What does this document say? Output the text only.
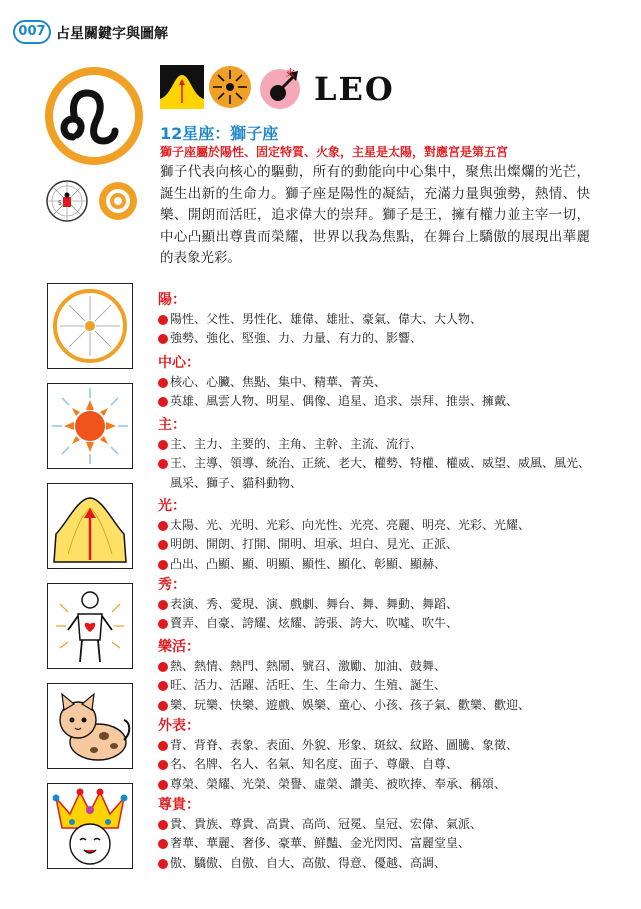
007 占星關鍵字與圖解
5
火 LEO
12星座：獅子座
獅子座屬於陽性、固定特質、火象，主星是太陽，對應宮是第五宮
獅子代表向核心的驅動，所有的動能向中心集中，聚焦出燦爛的光芒，誕生出新的生命力。獅子座是陽性的凝結，充滿力量與強勢，熱情、快樂、開朗而活旺，追求偉大的崇拜。獅子是王，擁有權力並主宰一切，中心凸顯出尊貴而榮耀，世界以我為焦點，在舞台上驕傲的展現出華麗的表象光彩。
陽：
陽性、父性、男性化、雄偉、雄壯、豪氣、偉大、大人物、
強勢、強化、堅強、力、力量、有力的、影響、
中心：
核心、心臟、焦點、集中、精華、菁英、
英雄、風雲人物、明星、偶像、追星、追求、崇拜、推崇、擁戴、
主：
主、主力、主要的、主角、主幹、主流、流行、
王、主導、領導、統治、正統、老大、權勢、特權、權威、威望、威風、風光、風采、獅子、貓科動物、
光：
太陽、光、光明、光彩、向光性、光亮、亮麗、明亮、光彩、光耀、
明朗、開朗、打開、開明、坦承、坦白、見光、正派、
凸出、凸顯、顯、明顯、顯性、顯化、彰顯、顯赫、
秀：
表演、秀、愛現、演、戲劇、舞台、舞、舞動、舞蹈、
賣弄、自豪、誇耀、炫耀、誇張、誇大、吹噓、吹牛、
樂活：
熱、熱情、熱門、熱鬧、號召、激勵、加油、鼓舞、
旺、活力、活躍、活旺、生、生命力、生殖、誕生、
樂、玩樂、快樂、遊戲、娛樂、童心、小孩、孩子氣、歡樂、歡迎、
外表：
背、背脊、表象、表面、外貌、形象、斑紋、紋路、圖騰、象徵、
名、名牌、名人、名氣、知名度、面子、尊嚴、自尊、
尊榮、榮耀、光榮、榮譽、虛榮、讚美、被吹捧、奉承、稱頌、
尊貴：
貴、貴族、尊貴、高貴、高尚、冠冕、皇冠、宏偉、氣派、
奢華、華麗、奢侈、豪華、鮮豔、金光閃閃、富麗堂皇、
傲、驕傲、自傲、自大、高傲、得意、優越、高調、
